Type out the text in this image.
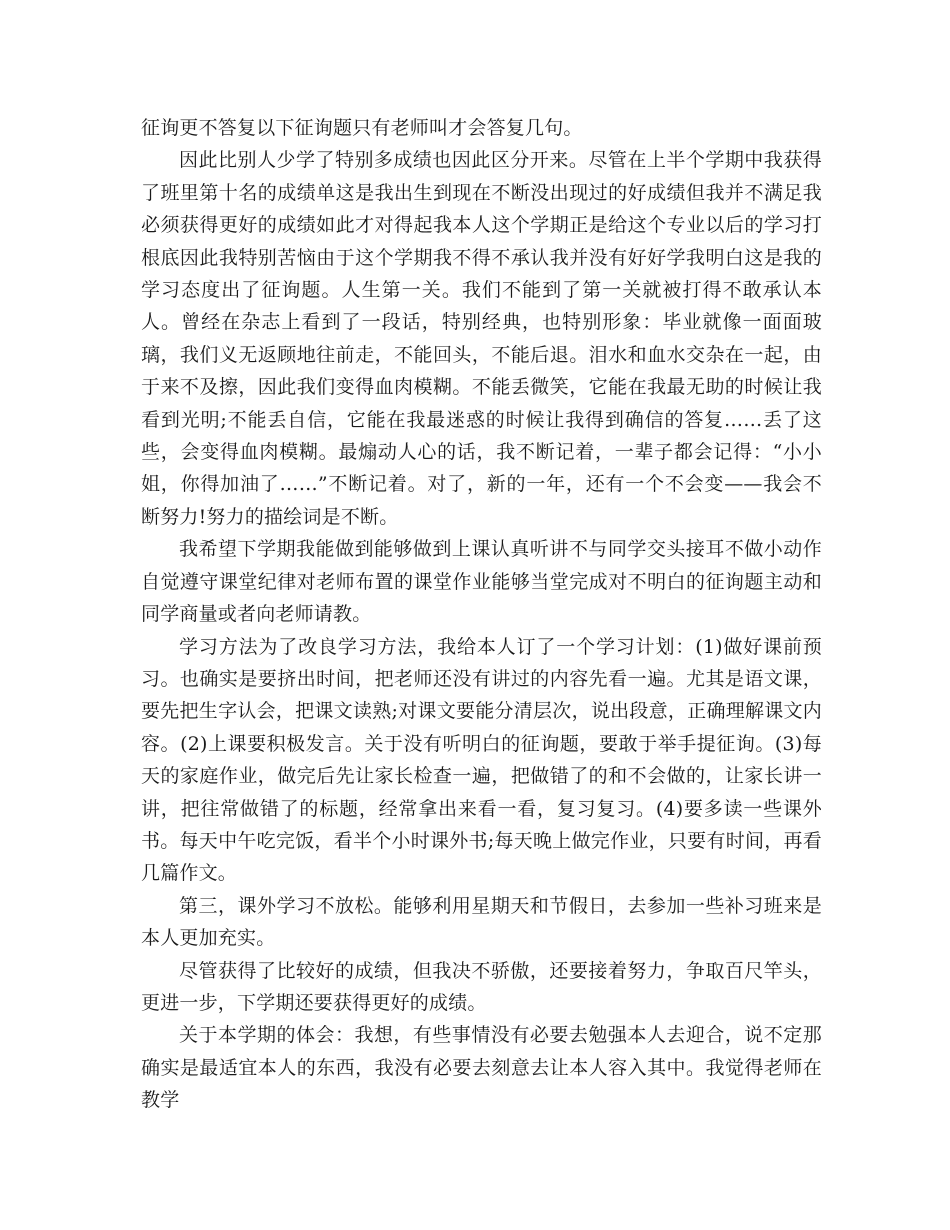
征询更不答复以下征询题只有老师叫才会答复几句。

因此比别人少学了特别多成绩也因此区分开来。尽管在上半个学期中我获得了班里第十名的成绩单这是我出生到现在不断没出现过的好成绩但我并不满足我必须获得更好的成绩如此才对得起我本人这个学期正是给这个专业以后的学习打根底因此我特别苦恼由于这个学期我不得不承认我并没有好好学我明白这是我的学习态度出了征询题。人生第一关。我们不能到了第一关就被打得不敢承认本人。曾经在杂志上看到了一段话，特别经典，也特别形象：毕业就像一面面玻璃，我们义无返顾地往前走，不能回头，不能后退。泪水和血水交杂在一起，由于来不及擦，因此我们变得血肉模糊。不能丢微笑，它能在我最无助的时候让我看到光明;不能丢自信，它能在我最迷惑的时候让我得到确信的答复……丢了这些，会变得血肉模糊。最煽动人心的话，我不断记着，一辈子都会记得：“小小姐，你得加油了……”不断记着。对了，新的一年，还有一个不会变——我会不断努力!努力的描绘词是不断。

我希望下学期我能做到能够做到上课认真听讲不与同学交头接耳不做小动作自觉遵守课堂纪律对老师布置的课堂作业能够当堂完成对不明白的征询题主动和同学商量或者向老师请教。

学习方法为了改良学习方法，我给本人订了一个学习计划：(1)做好课前预习。也确实是要挤出时间，把老师还没有讲过的内容先看一遍。尤其是语文课，要先把生字认会，把课文读熟;对课文要能分清层次，说出段意，正确理解课文内容。(2)上课要积极发言。关于没有听明白的征询题，要敢于举手提征询。(3)每天的家庭作业，做完后先让家长检查一遍，把做错了的和不会做的，让家长讲一讲，把往常做错了的标题，经常拿出来看一看，复习复习。(4)要多读一些课外书。每天中午吃完饭，看半个小时课外书;每天晚上做完作业，只要有时间，再看几篇作文。

第三，课外学习不放松。能够利用星期天和节假日，去参加一些补习班来是本人更加充实。

尽管获得了比较好的成绩，但我决不骄傲，还要接着努力，争取百尺竿头，更进一步，下学期还要获得更好的成绩。

关于本学期的体会：我想，有些事情没有必要去勉强本人去迎合，说不定那确实是最适宜本人的东西，我没有必要去刻意去让本人容入其中。我觉得老师在教学
